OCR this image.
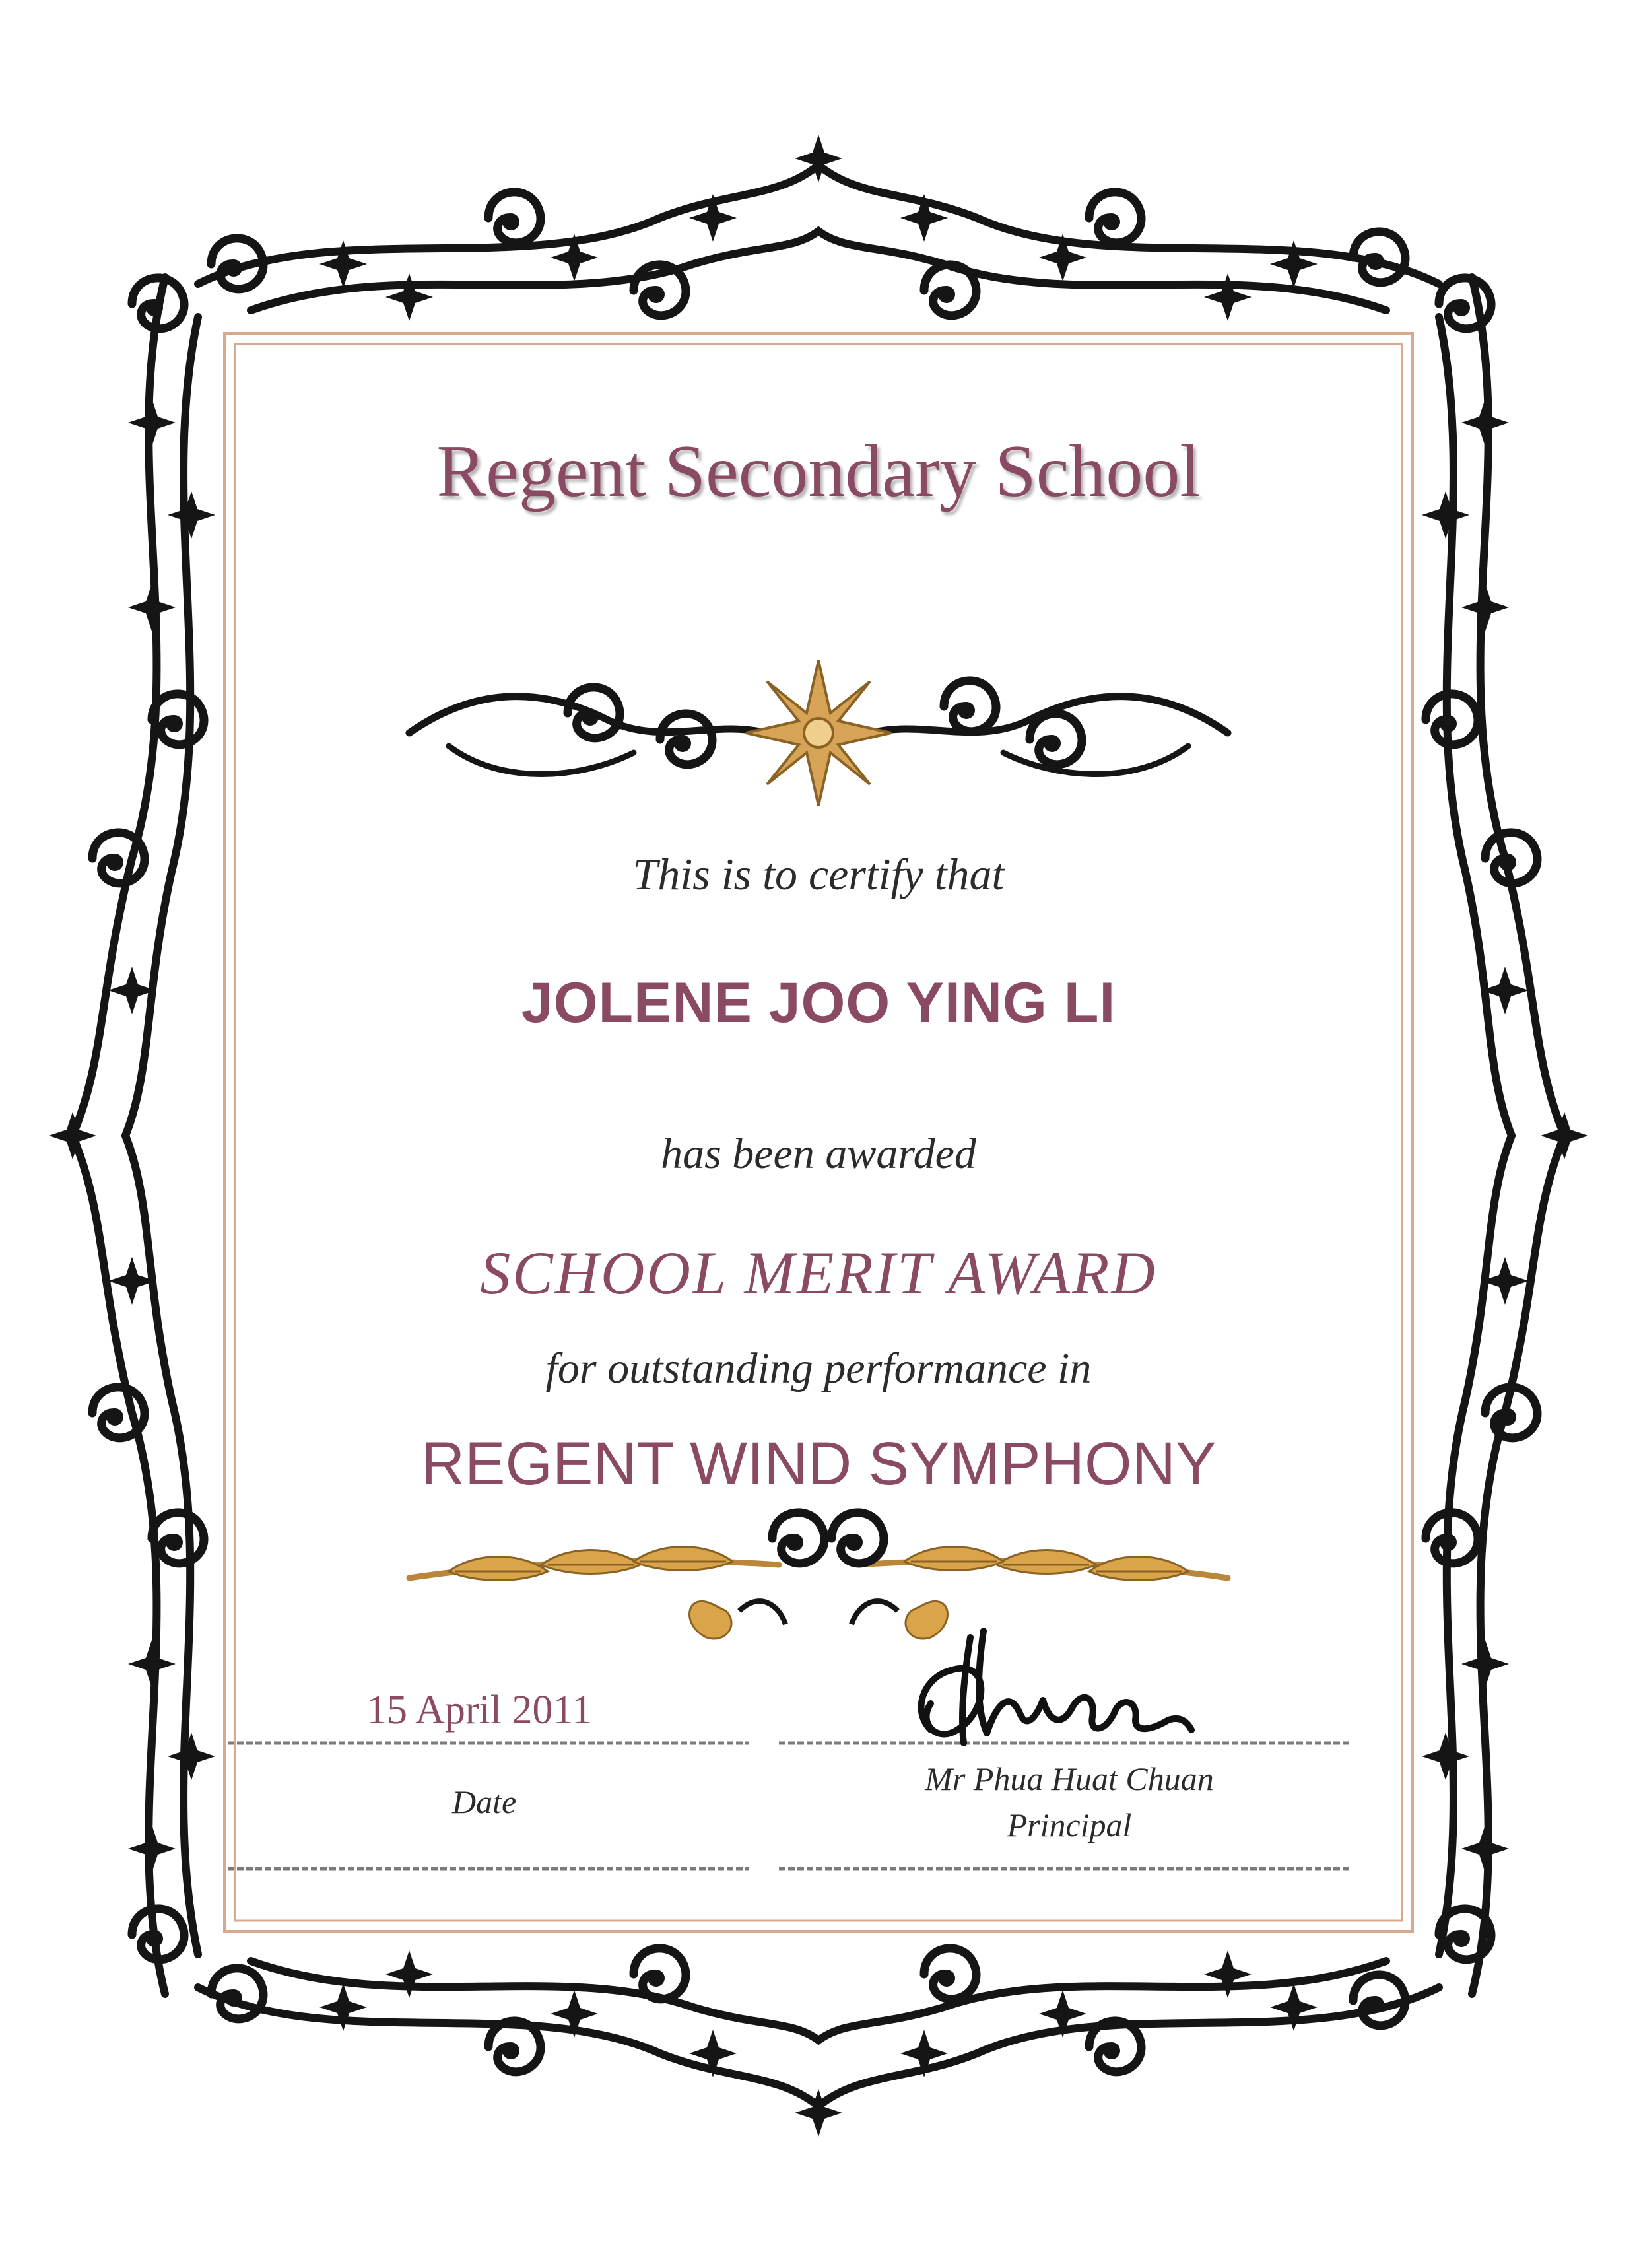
Regent Secondary School

This is to certify that

JOLENE JOO YING LI

has been awarded

SCHOOL MERIT AWARD

for outstanding performance in

REGENT WIND SYMPHONY

15 April 2011

Date

Mr Phua Huat Chuan

Principal
